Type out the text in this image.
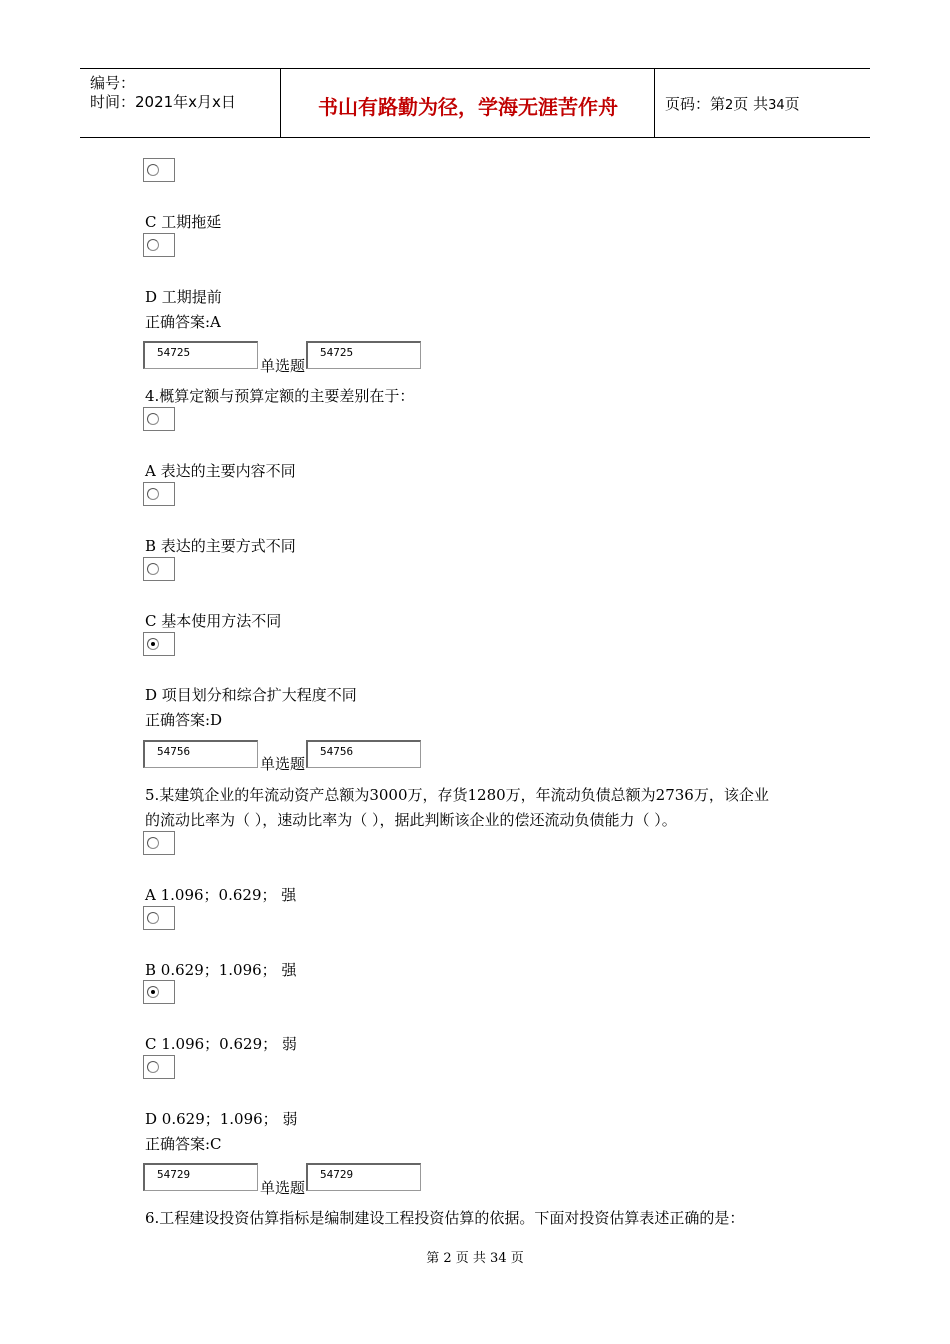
编号：
时间：2021年x月x日	书山有路勤为径，学海无涯苦作舟	页码：第2页 共34页
C 工期拖延
D 工期提前
正确答案:A
54725
单选题
54725
4.概算定额与预算定额的主要差别在于：
A 表达的主要内容不同
B 表达的主要方式不同
C 基本使用方法不同
D 项目划分和综合扩大程度不同
正确答案:D
54756
单选题
54756
5.某建筑企业的年流动资产总额为3000万，存货1280万，年流动负债总额为2736万，该企业
的流动比率为（ ），速动比率为（ ），据此判断该企业的偿还流动负债能力（ ）。
A 1.096；0.629； 强
B 0.629；1.096； 强
C 1.096；0.629； 弱
D 0.629；1.096； 弱
正确答案:C
54729
单选题
54729
6.工程建设投资估算指标是编制建设工程投资估算的依据。下面对投资估算表述正确的是：
第 2 页 共 34 页
